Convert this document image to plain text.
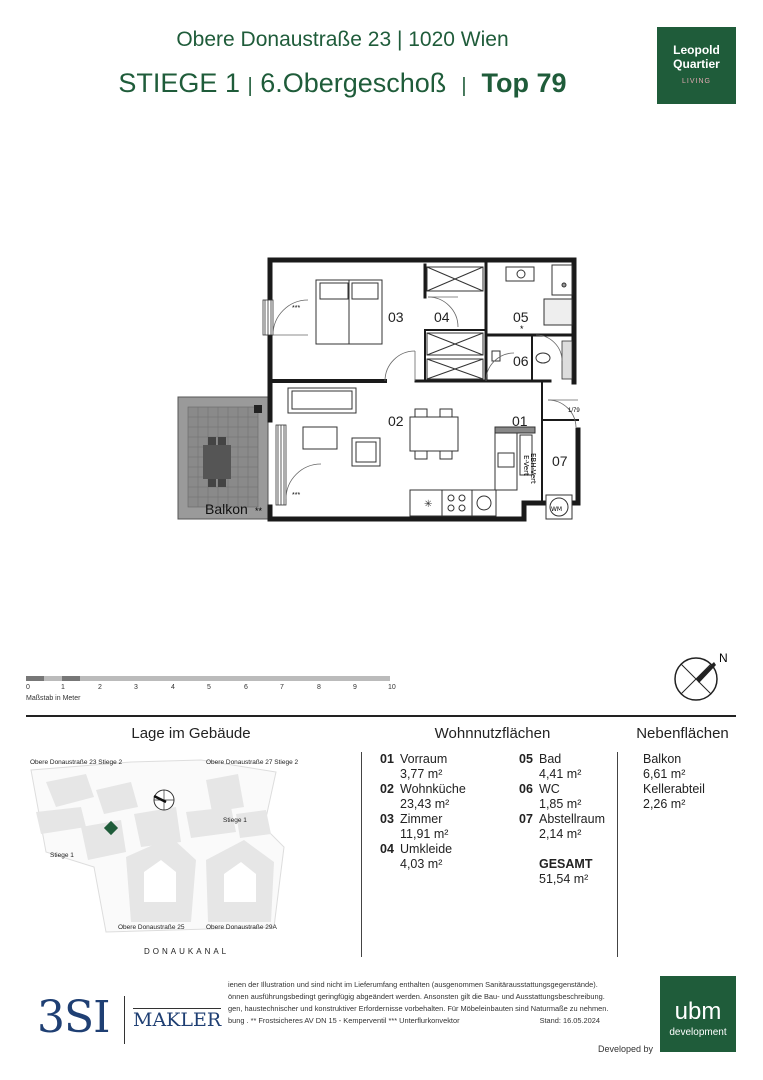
Obere Donaustraße 23 | 1020 Wien
STIEGE 1 | 6.Obergeschoß | Top 79
Leopold
Quartier
LIVING
✳	WM
EBH-Vert
E-Vert
03 04	05
06
02	01
07
*
1/79
***
***
Balkon **
0	1	2	3	4	5	6	7	8	9	10
Maßstab in Meter
N
Lage im Gebäude	Wohnnutzflächen	Nebenflächen
Obere Donaustraße 23 Stiege 2	Obere Donaustraße 27 Stiege 2
Stiege 1
Stiege 1
Obere Donaustraße 25	Obere Donaustraße 29A
DONAUKANAL
01 Vorraum
3,77 m²
02 Wohnküche
23,43 m²
03 Zimmer
11,91 m²
04 Umkleide
4,03 m²
05 Bad
4,41 m²
06 WC
1,85 m²
07 Abstellraum
2,14 m²
GESAMT
51,54 m²
Balkon
6,61 m²
Kellerabteil
2,26 m²
ienen der Illustration und sind nicht im Lieferumfang enthalten (ausgenommen Sanitärausstattungsgegenstände).
önnen ausführungsbedingt geringfügig abgeändert werden. Ansonsten gilt die Bau- und Ausstattungsbeschreibung.
gen, haustechnischer und konstruktiver Erfordernisse vorbehalten. Für Möbeleinbauten sind Naturmaße zu nehmen.
bung . ** Frostsicheres AV DN 15 - Kemperventil *** Unterflurkonvektor	Stand: 16.05.2024
3SI MAKLER	ubm
development
Developed by
